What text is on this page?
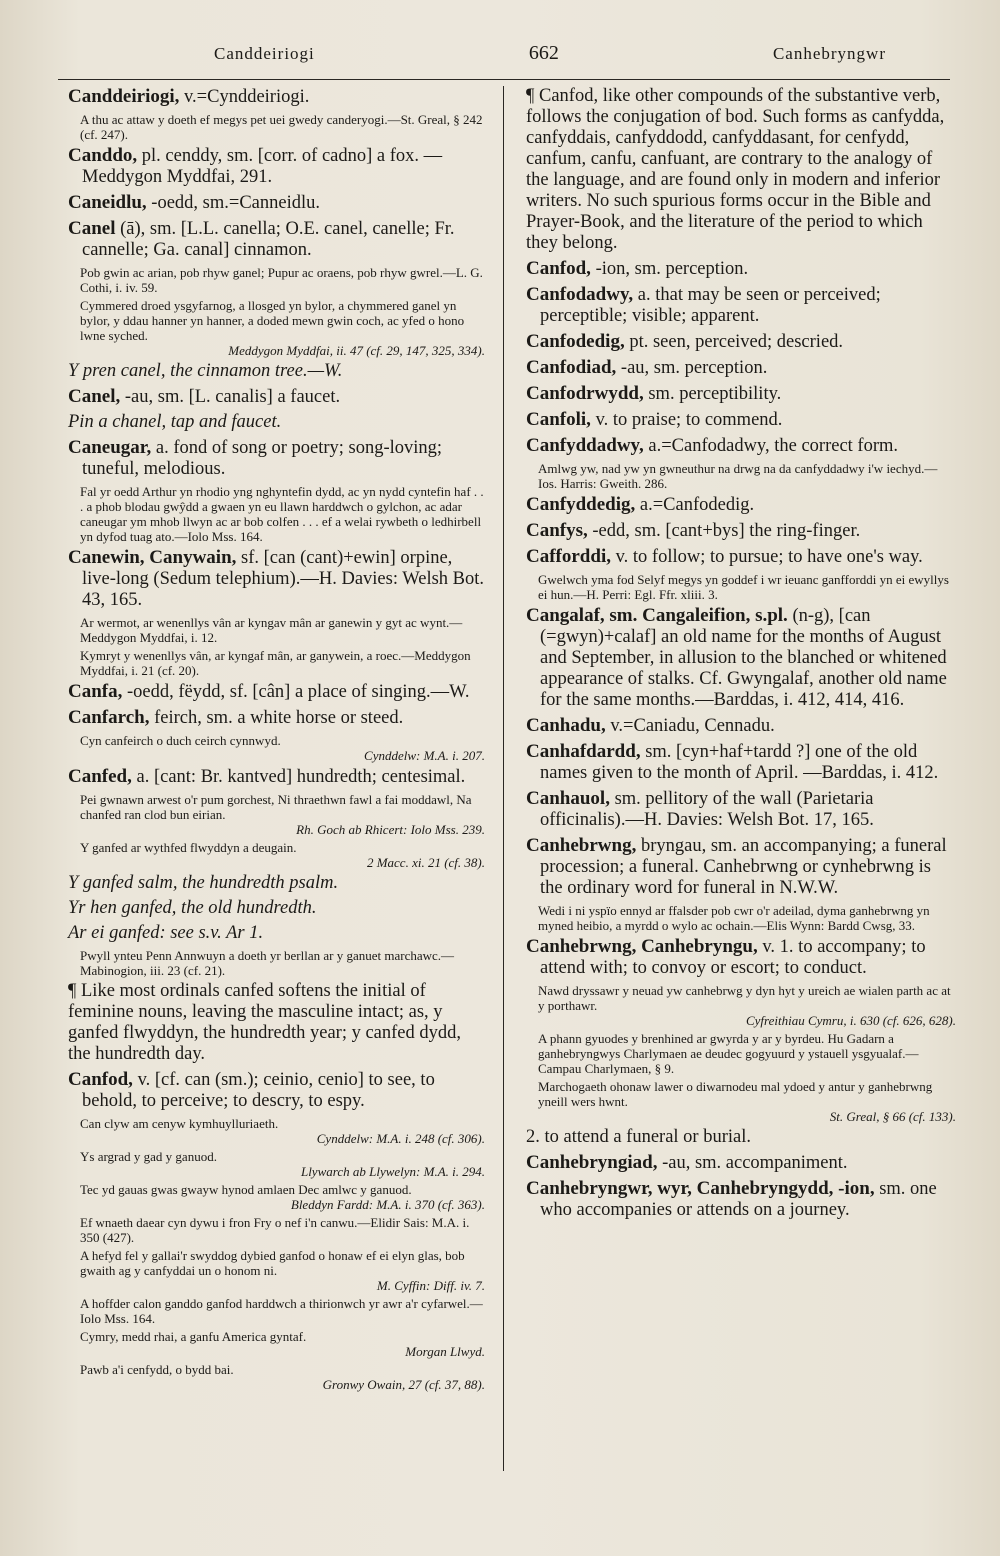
Canddeiriogi	662	Canhebryngwr

Canddeiriogi, v.=Cynddeiriogi.

A thu ac attaw y doeth ef megys pet uei gwedy canderyogi.—St. Greal, § 242 (cf. 247).

Canddo, pl. cenddy, sm. [corr. of cadno] a fox. —Meddygon Myddfai, 291.

Caneidlu, -oedd, sm.=Canneidlu.

Canel (ā), sm. [L.L. canella; O.E. canel, canelle; Fr. cannelle; Ga. canal] cinnamon.

Pob gwin ac arian, pob rhyw ganel; Pupur ac oraens, pob rhyw gwrel.—L. G. Cothi, i. iv. 59.
Cymmered droed ysgyfarnog, a llosged yn bylor, a chymmered ganel yn bylor, y ddau hanner yn hanner, a doded mewn gwin coch, ac yfed o hono lwne syched.
Meddygon Myddfai, ii. 47 (cf. 29, 147, 325, 334).

Y pren canel, the cinnamon tree.—W.

Canel, -au, sm. [L. canalis] a faucet.

Pin a chanel, tap and faucet.

Caneugar, a. fond of song or poetry; song-loving; tuneful, melodious.

Fal yr oedd Arthur yn rhodio yng nghyntefin dydd, ac yn nydd cyntefin haf . . . a phob blodau gwŷdd a gwaen yn eu llawn harddwch o gylchon, ac adar caneugar ym mhob llwyn ac ar bob colfen . . . ef a welai rywbeth o ledhirbell yn dyfod tuag ato.—Iolo Mss. 164.

Canewin, Canywain, sf. [can (cant)+ewin] orpine, live-long (Sedum telephium).—H. Davies: Welsh Bot. 43, 165.

Ar wermot, ar wenenllys vân ar kyngav mân ar ganewin y gyt ac wynt.—Meddygon Myddfai, i. 12.
Kymryt y wenenllys vân, ar kyngaf mân, ar ganywein, a roec.—Meddygon Myddfai, i. 21 (cf. 20).

Canfa, -oedd, fëydd, sf. [cân] a place of singing.—W.

Canfarch, feirch, sm. a white horse or steed.

Cyn canfeirch o duch ceirch cynnwyd.
Cynddelw: M.A. i. 207.

Canfed, a. [cant: Br. kantved] hundredth; centesimal.

Pei gwnawn arwest o'r pum gorchest, Ni thraethwn fawl a fai moddawl, Na chanfed ran clod bun eirian.
Rh. Goch ab Rhicert: Iolo Mss. 239.
Y ganfed ar wythfed flwyddyn a deugain.
2 Macc. xi. 21 (cf. 38).

Y ganfed salm, the hundredth psalm.

Yr hen ganfed, the old hundredth.

Ar ei ganfed: see s.v. Ar 1.

Pwyll ynteu Penn Annwuyn a doeth yr berllan ar y ganuet marchawc.—Mabinogion, iii. 23 (cf. 21).

¶ Like most ordinals canfed softens the initial of feminine nouns, leaving the masculine intact; as, y ganfed flwyddyn, the hundredth year; y canfed dydd, the hundredth day.

Canfod, v. [cf. can (sm.); ceinio, cenio] to see, to behold, to perceive; to descry, to espy.

Can clyw am cenyw kymhuylluriaeth.
Cynddelw: M.A. i. 248 (cf. 306).
Ys argrad y gad y ganuod.
Llywarch ab Llywelyn: M.A. i. 294.
Tec yd gauas gwas gwayw hynod amlaen Dec amlwc y ganuod.
Bleddyn Fardd: M.A. i. 370 (cf. 363).
Ef wnaeth daear cyn dywu i fron Fry o nef i'n canwu.—Elidir Sais: M.A. i. 350 (427).
A hefyd fel y gallai'r swyddog dybied ganfod o honaw ef ei elyn glas, bob gwaith ag y canfyddai un o honom ni.
M. Cyffin: Diff. iv. 7.
A hoffder calon ganddo ganfod harddwch a thirionwch yr awr a'r cyfarwel.—Iolo Mss. 164.
Cymry, medd rhai, a ganfu America gyntaf.
Morgan Llwyd.
Pawb a'i cenfydd, o bydd bai.
Gronwy Owain, 27 (cf. 37, 88).

¶ Canfod, like other compounds of the substantive verb, follows the conjugation of bod. Such forms as canfydda, canfyddais, canfyddodd, canfyddasant, for cenfydd, canfum, canfu, canfuant, are contrary to the analogy of the language, and are found only in modern and inferior writers. No such spurious forms occur in the Bible and Prayer-Book, and the literature of the period to which they belong.

Canfod, -ion, sm. perception.

Canfodadwy, a. that may be seen or perceived; perceptible; visible; apparent.

Canfodedig, pt. seen, perceived; descried.

Canfodiad, -au, sm. perception.

Canfodrwydd, sm. perceptibility.

Canfoli, v. to praise; to commend.

Canfyddadwy, a.=Canfodadwy, the correct form.

Amlwg yw, nad yw yn gwneuthur na drwg na da canfyddadwy i'w iechyd.—Ios. Harris: Gweith. 286.

Canfyddedig, a.=Canfodedig.

Canfys, -edd, sm. [cant+bys] the ring-finger.

Cafforddi, v. to follow; to pursue; to have one's way.

Gwelwch yma fod Selyf megys yn goddef i wr ieuanc ganfforddi yn ei ewyllys ei hun.—H. Perri: Egl. Ffr. xliii. 3.

Cangalaf, sm. Cangaleifion, s.pl. (n-g), [can (=gwyn)+calaf] an old name for the months of August and September, in allusion to the blanched or whitened appearance of stalks. Cf. Gwyngalaf, another old name for the same months.—Barddas, i. 412, 414, 416.

Canhadu, v.=Caniadu, Cennadu.

Canhafdardd, sm. [cyn+haf+tardd ?] one of the old names given to the month of April. —Barddas, i. 412.

Canhauol, sm. pellitory of the wall (Parietaria officinalis).—H. Davies: Welsh Bot. 17, 165.

Canhebrwng, bryngau, sm. an accompanying; a funeral procession; a funeral. Canhebrwng or cynhebrwng is the ordinary word for funeral in N.W.W.

Wedi i ni yspïo ennyd ar ffalsder pob cwr o'r adeilad, dyma ganhebrwng yn myned heibio, a myrdd o wylo ac ochain.—Elis Wynn: Bardd Cwsg, 33.

Canhebrwng, Canhebryngu, v. 1. to accompany; to attend with; to convoy or escort; to conduct.

Nawd dryssawr y neuad yw canhebrwg y dyn hyt y ureich ae wialen parth ac at y porthawr.
Cyfreithiau Cymru, i. 630 (cf. 626, 628).
A phann gyuodes y brenhined ar gwyrda y ar y byrdeu. Hu Gadarn a ganhebryngwys Charlymaen ae deudec gogyuurd y ystauell ysgyualaf.—Campau Charlymaen, § 9.
Marchogaeth ohonaw lawer o diwarnodeu mal ydoed y antur y ganhebrwng yneill wers hwnt.
St. Greal, § 66 (cf. 133).

2. to attend a funeral or burial.

Canhebryngiad, -au, sm. accompaniment.

Canhebryngwr, wyr, Canhebryngydd, -ion, sm. one who accompanies or attends on a journey.
